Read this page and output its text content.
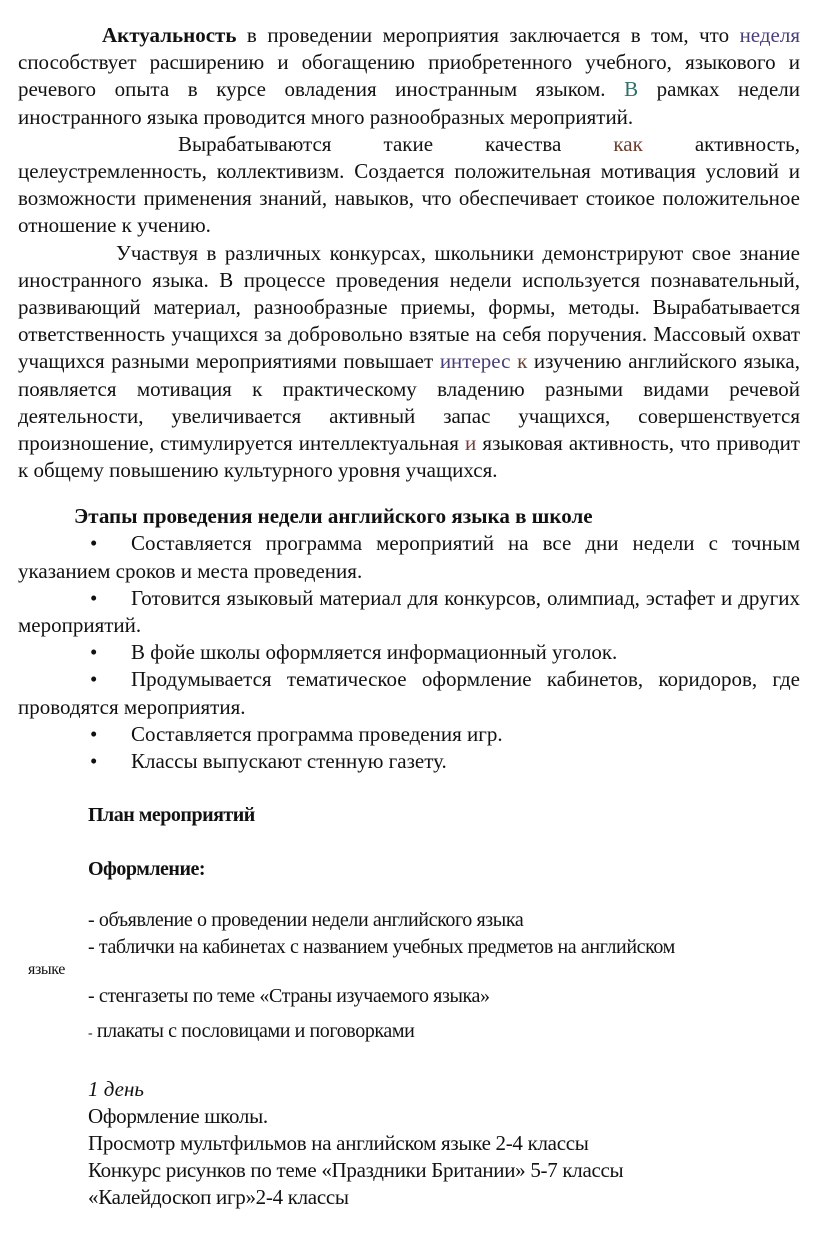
Актуальность в проведении мероприятия заключается в том, что неделя способствует расширению и обогащению приобретенного учебного, языкового и речевого опыта в курсе овладения иностранным языком. В рамках недели иностранного языка проводится много разнообразных мероприятий.

Вырабатываются такие качества как активность, целеустремленность, коллективизм. Создается положительная мотивация условий и возможности применения знаний, навыков, что обеспечивает стоикое положительное отношение к учению.

Участвуя в различных конкурсах, школьники демонстрируют свое знание иностранного языка. В процессе проведения недели используется познавательный, развивающий материал, разнообразные приемы, формы, методы. Вырабатывается ответственность учащихся за добровольно взятые на себя поручения. Массовый охват учащихся разными мероприятиями повышает интерес к изучению английского языка, появляется мотивация к практическому владению разными видами речевой деятельности, увеличивается активный запас учащихся, совершенствуется произношение, стимулируется интеллектуальная и языковая активность, что приводит к общему повышению культурного уровня учащихся.

Этапы проведения недели английского языка в школе
• Составляется программа мероприятий на все дни недели с точным указанием сроков и места проведения.
• Готовится языковый материал для конкурсов, олимпиад, эстафет и других мероприятий.
• В фойе школы оформляется информационный уголок.
• Продумывается тематическое оформление кабинетов, коридоров, где проводятся мероприятия.
• Составляется программа проведения игр.
• Классы выпускают стенную газету.
План мероприятий
Оформление:
- объявление о проведении недели английского языка
- таблички на кабинетах с названием учебных предметов на английском
языке
- стенгазеты по теме «Страны изучаемого языка»
- плакаты с пословицами и поговорками
1 день
Оформление школы.
Просмотр мультфильмов на английском языке 2-4 классы
Конкурс рисунков по теме «Праздники Британии» 5-7 классы
«Калейдоскоп игр»2-4 классы
